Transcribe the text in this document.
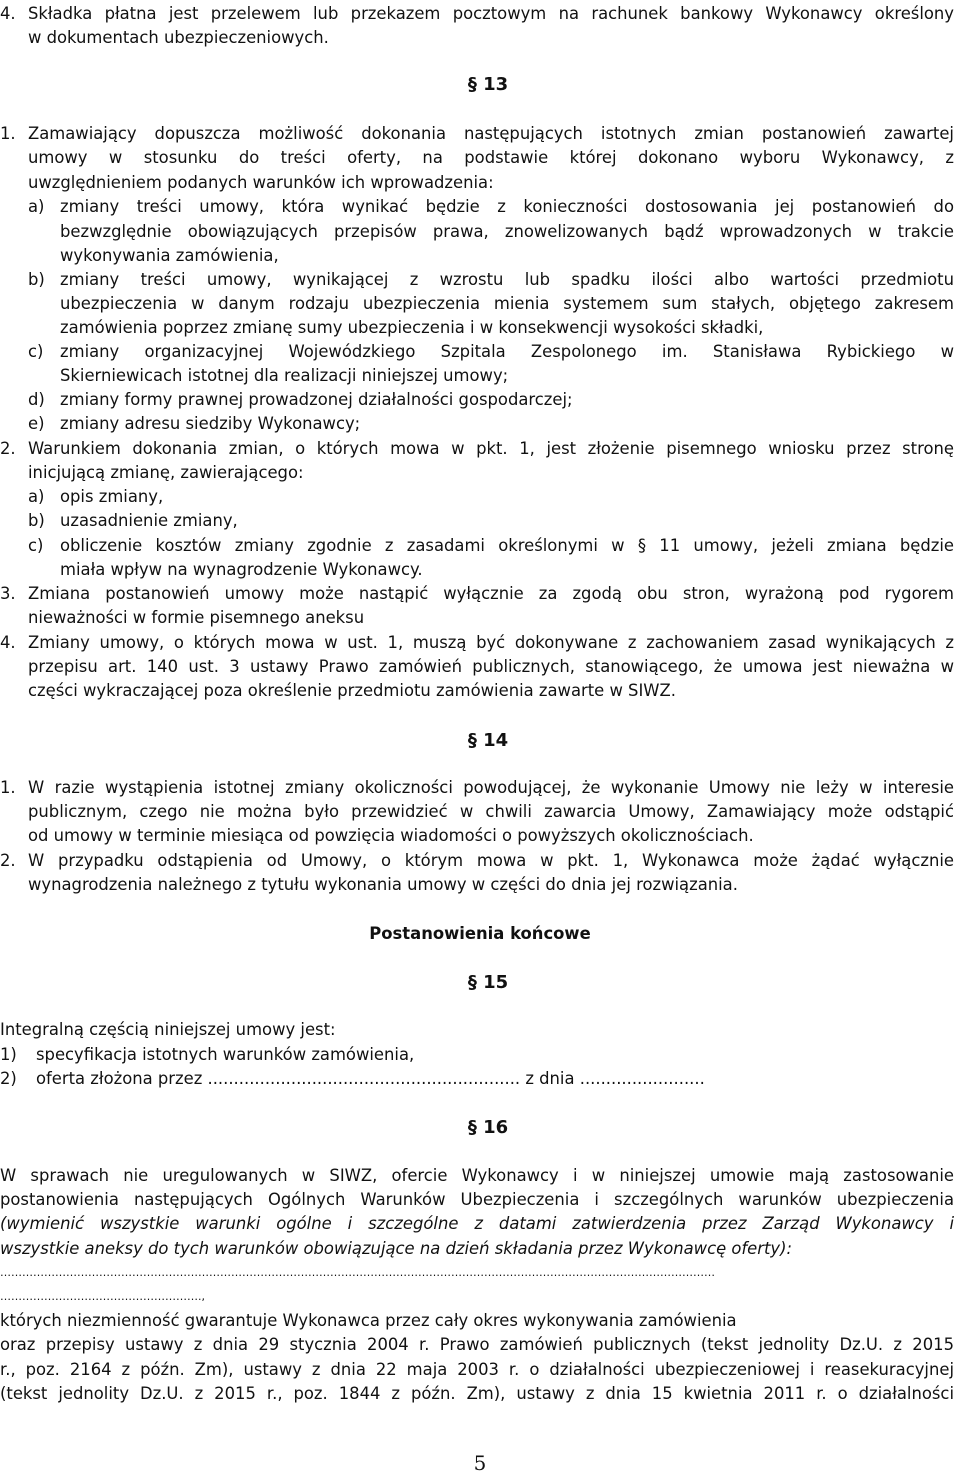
4. Składka płatna jest przelewem lub przekazem pocztowym na rachunek bankowy Wykonawcy określony
w dokumentach ubezpieczeniowych.
§ 13
1. Zamawiający dopuszcza możliwość dokonania następujących istotnych zmian postanowień zawartej
umowy w stosunku do treści oferty, na podstawie której dokonano wyboru Wykonawcy, z
uwzględnieniem podanych warunków ich wprowadzenia:
a) zmiany treści umowy, która wynikać będzie z konieczności dostosowania jej postanowień do
bezwzględnie obowiązujących przepisów prawa, znowelizowanych bądź wprowadzonych w trakcie
wykonywania zamówienia,
b) zmiany treści umowy, wynikającej z wzrostu lub spadku ilości albo wartości przedmiotu
ubezpieczenia w danym rodzaju ubezpieczenia mienia systemem sum stałych, objętego zakresem
zamówienia poprzez zmianę sumy ubezpieczenia i w konsekwencji wysokości składki,
c) zmiany organizacyjnej Wojewódzkiego Szpitala Zespolonego im. Stanisława Rybickiego w
Skierniewicach istotnej dla realizacji niniejszej umowy;
d) zmiany formy prawnej prowadzonej działalności gospodarczej;
e) zmiany adresu siedziby Wykonawcy;
2. Warunkiem dokonania zmian, o których mowa w pkt. 1, jest złożenie pisemnego wniosku przez stronę
inicjującą zmianę, zawierającego:
a) opis zmiany,
b) uzasadnienie zmiany,
c) obliczenie kosztów zmiany zgodnie z zasadami określonymi w § 11 umowy, jeżeli zmiana będzie
miała wpływ na wynagrodzenie Wykonawcy.
3. Zmiana postanowień umowy może nastąpić wyłącznie za zgodą obu stron, wyrażoną pod rygorem
nieważności w formie pisemnego aneksu
4. Zmiany umowy, o których mowa w ust. 1, muszą być dokonywane z zachowaniem zasad wynikających z
przepisu art. 140 ust. 3 ustawy Prawo zamówień publicznych, stanowiącego, że umowa jest nieważna w
części wykraczającej poza określenie przedmiotu zamówienia zawarte w SIWZ.
§ 14
1. W razie wystąpienia istotnej zmiany okoliczności powodującej, że wykonanie Umowy nie leży w interesie
publicznym, czego nie można było przewidzieć w chwili zawarcia Umowy, Zamawiający może odstąpić
od umowy w terminie miesiąca od powzięcia wiadomości o powyższych okolicznościach.
2. W przypadku odstąpienia od Umowy, o którym mowa w pkt. 1, Wykonawca może żądać wyłącznie
wynagrodzenia należnego z tytułu wykonania umowy w części do dnia jej rozwiązania.
Postanowienia końcowe
§ 15
Integralną częścią niniejszej umowy jest:
1) specyfikacja istotnych warunków zamówienia,
2) oferta złożona przez ............................................................ z dnia ........................
§ 16
W sprawach nie uregulowanych w SIWZ, ofercie Wykonawcy i w niniejszej umowie mają zastosowanie
postanowienia następujących Ogólnych Warunków Ubezpieczenia i szczególnych warunków ubezpieczenia
(wymienić wszystkie warunki ogólne i szczególne z datami zatwierdzenia przez Zarząd Wykonawcy i
wszystkie aneksy do tych warunków obowiązujące na dzień składania przez Wykonawcę oferty):
……………………………………………………………………………………………………………………………………………………………………………
……………………………………………….,
których niezmienność gwarantuje Wykonawca przez cały okres wykonywania zamówienia
oraz przepisy ustawy z dnia 29 stycznia 2004 r. Prawo zamówień publicznych (tekst jednolity Dz.U. z 2015
r., poz. 2164 z późn. Zm), ustawy z dnia 22 maja 2003 r. o działalności ubezpieczeniowej i reasekuracyjnej
(tekst jednolity Dz.U. z 2015 r., poz. 1844 z późn. Zm), ustawy z dnia 15 kwietnia 2011 r. o działalności
5
